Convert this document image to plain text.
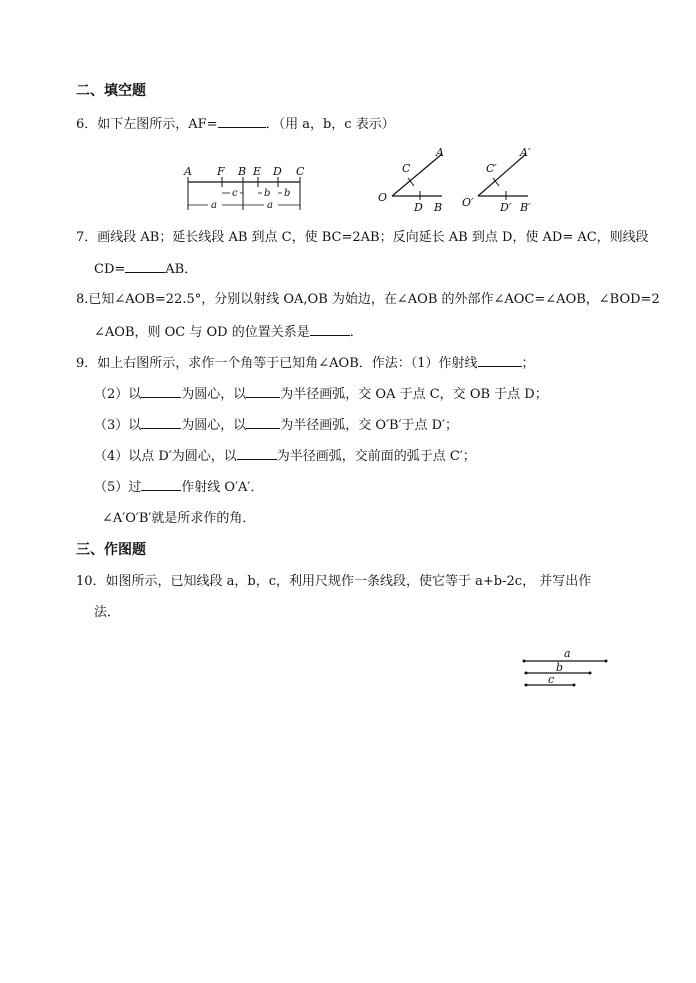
二、填空题
6．如下左图所示，AF=	．（用 a，b，c 表示）
A F B E D C
c	b b
a	a
A
C
O
D B
A′
C′
O′ D′ B′
7．画线段 AB；延长线段 AB 到点 C，使 BC=2AB；反向延长 AB 到点 D，使 AD= AC，则线段
CD=	AB．
8.已知∠AOB=22.5°，分别以射线 OA,OB 为始边，在∠AOB 的外部作∠AOC=∠AOB，∠BOD=2
∠AOB，则 OC 与 OD 的位置关系是	．
9．如上右图所示，求作一个角等于已知角∠AOB．作法：（1）作射线	；
（2）以	为圆心，以	为半径画弧，交 OA 于点 C，交 OB 于点 D；
（3）以	为圆心，以	为半径画弧，交 O′B′于点 D′；
（4）以点 D′为圆心，以	为半径画弧，交前面的弧于点 C′；
（5）过	作射线 O′A′．
∠A′O′B′就是所求作的角．
三、作图题
10．如图所示，已知线段 a，b，c，利用尺规作一条线段，使它等于 a+b-2c， 并写出作
法．
a
b
c
